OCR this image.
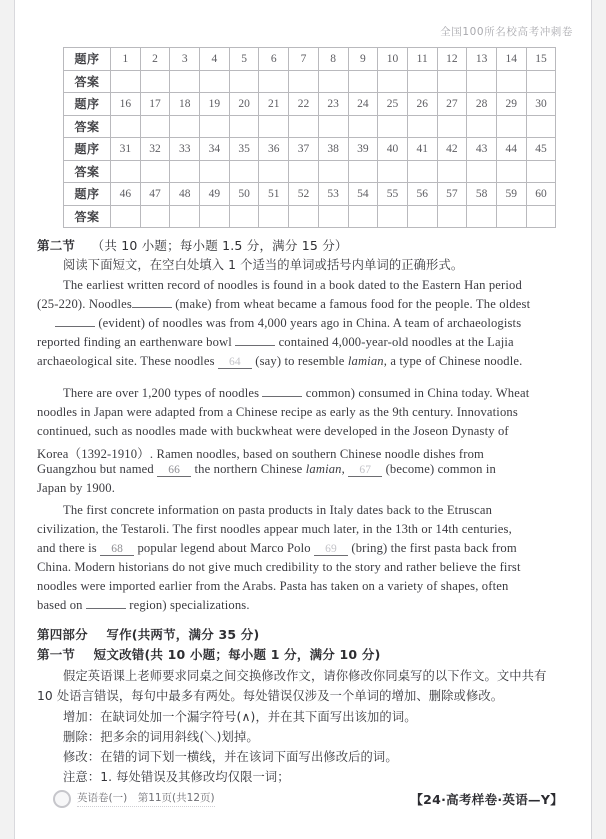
全国100所名校高考冲刺卷
题序	1	2	3	4	5	6	7	8	9	10	11	12	13	14	15
答案															
题序	16	17	18	19	20	21	22	23	24	25	26	27	28	29	30
答案															
题序	31	32	33	34	35	36	37	38	39	40	41	42	43	44	45
答案															
题序	46	47	48	49	50	51	52	53	54	55	56	57	58	59	60
答案															
第二节 （共 10 小题；每小题 1.5 分，满分 15 分）
阅读下面短文，在空白处填入 1 个适当的单词或括号内单词的正确形式。
The earliest written record of noodles is found in a book dated to the Eastern Han period
(25-220). Noodles	(make) from wheat became a famous food for the people. The oldest
(evident) of noodles was from 4,000 years ago in China. A team of archaeologists
reported finding an earthenware bowl	contained 4,000-year-old noodles at the Lajia
archaeological site. These noodles 64 (say) to resemble lamian, a type of Chinese noodle.
There are over 1,200 types of noodles	common) consumed in China today. Wheat
noodles in Japan were adapted from a Chinese recipe as early as the 9th century. Innovations
continued, such as noodles made with buckwheat were developed in the Joseon Dynasty of
Korea（1392-1910）. Ramen noodles, based on southern Chinese noodle dishes from
Guangzhou but named 66 the northern Chinese lamian, 67 (become) common in
Japan by 1900.
The first concrete information on pasta products in Italy dates back to the Etruscan
civilization, the Testaroli. The first noodles appear much later, in the 13th or 14th centuries,
and there is 68 popular legend about Marco Polo 69 (bring) the first pasta back from
China. Modern historians do not give much credibility to the story and rather believe the first
noodles were imported earlier from the Arabs. Pasta has taken on a variety of shapes, often
based on	region) specializations.
第四部分 写作(共两节，满分 35 分)
第一节 短文改错(共 10 小题；每小题 1 分，满分 10 分)
假定英语课上老师要求同桌之间交换修改作文，请你修改你同桌写的以下作文。文中共有
10 处语言错误，每句中最多有两处。每处错误仅涉及一个单词的增加、删除或修改。
增加：在缺词处加一个漏字符号(∧)，并在其下面写出该加的词。
删除：把多余的词用斜线(＼)划掉。
修改：在错的词下划一横线，并在该词下面写出修改后的词。
注意：1. 每处错误及其修改均仅限一词；
英语卷(一)　第11页(共12页)	【24·高考样卷·英语—Y】
